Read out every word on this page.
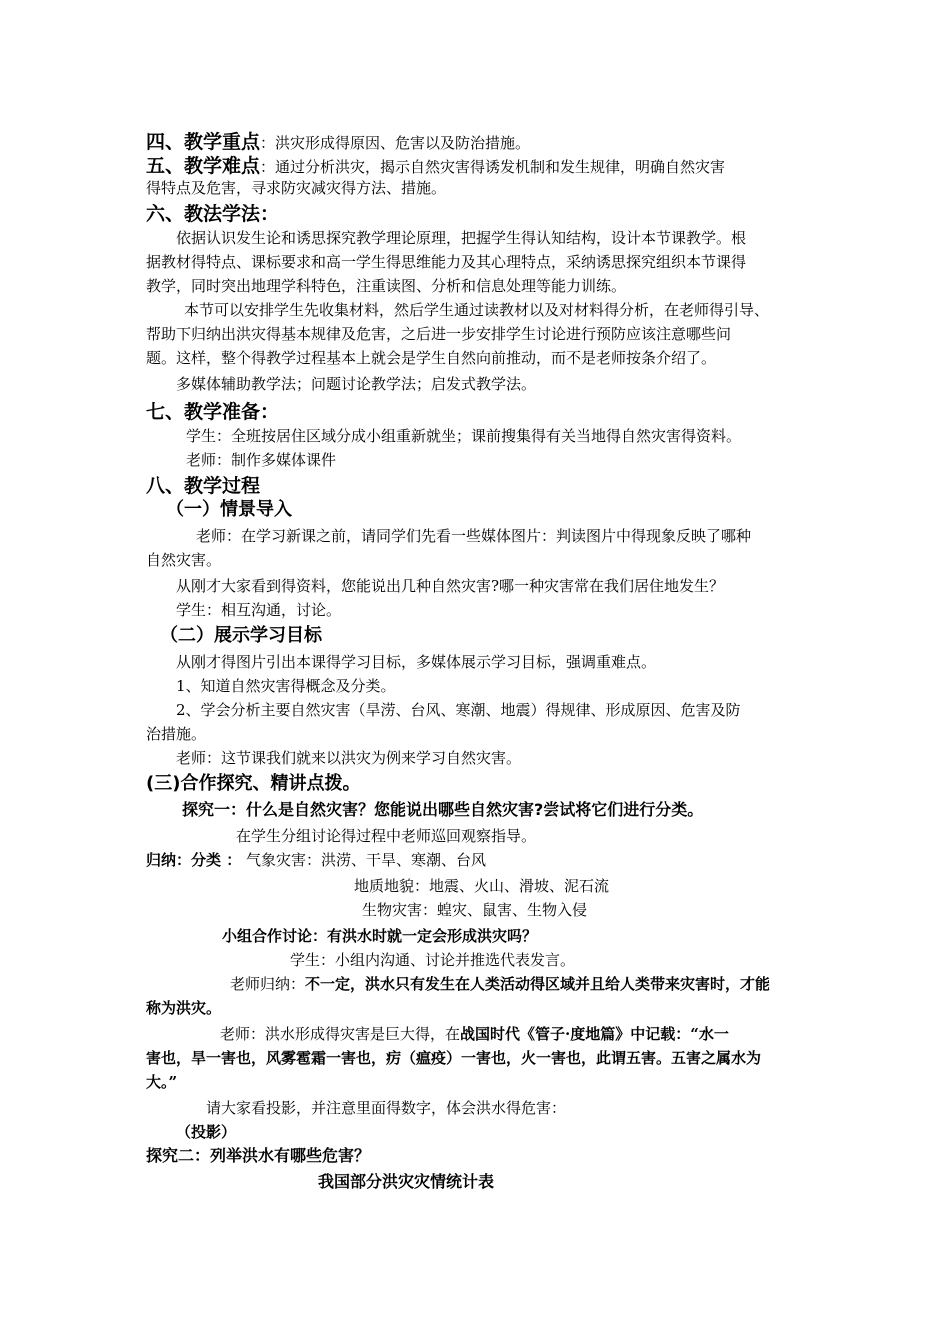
四、教学重点：洪灾形成得原因、危害以及防治措施。
五、教学难点：通过分析洪灾，揭示自然灾害得诱发机制和发生规律，明确自然灾害
得特点及危害，寻求防灾减灾得方法、措施。
六、教法学法：
依据认识发生论和诱思探究教学理论原理，把握学生得认知结构，设计本节课教学。根
据教材得特点、课标要求和高一学生得思维能力及其心理特点，采纳诱思探究组织本节课得
教学，同时突出地理学科特色，注重读图、分析和信息处理等能力训练。
本节可以安排学生先收集材料，然后学生通过读教材以及对材料得分析，在老师得引导、
帮助下归纳出洪灾得基本规律及危害，之后进一步安排学生讨论进行预防应该注意哪些问
题。这样，整个得教学过程基本上就会是学生自然向前推动，而不是老师按条介绍了。
多媒体辅助教学法；问题讨论教学法；启发式教学法。
七、教学准备：
学生：全班按居住区域分成小组重新就坐；课前搜集得有关当地得自然灾害得资料。
老师：制作多媒体课件
八、教学过程
（一）情景导入
老师：在学习新课之前，请同学们先看一些媒体图片：判读图片中得现象反映了哪种
自然灾害。
从刚才大家看到得资料，您能说出几种自然灾害?哪一种灾害常在我们居住地发生？
学生：相互沟通，讨论。
（二）展示学习目标
从刚才得图片引出本课得学习目标，多媒体展示学习目标，强调重难点。
1、知道自然灾害得概念及分类。
2、学会分析主要自然灾害（旱涝、台风、寒潮、地震）得规律、形成原因、危害及防
治措施。
老师：这节课我们就来以洪灾为例来学习自然灾害。
(三)合作探究、精讲点拨。
探究一：什么是自然灾害？您能说出哪些自然灾害?尝试将它们进行分类。
在学生分组讨论得过程中老师巡回观察指导。
归纳：分类 ： 气象灾害：洪涝、干旱、寒潮、台风
地质地貌：地震、火山、滑坡、泥石流
生物灾害：蝗灾、鼠害、生物入侵
小组合作讨论：有洪水时就一定会形成洪灾吗？
学生：小组内沟通、讨论并推选代表发言。
老师归纳：不一定，洪水只有发生在人类活动得区域并且给人类带来灾害时，才能
称为洪灾。
老师：洪水形成得灾害是巨大得，在战国时代《管子·度地篇》中记载：“水一
害也，旱一害也，风雾雹霜一害也，疠（瘟疫）一害也，火一害也，此谓五害。五害之属水为
大。”
请大家看投影，并注意里面得数字，体会洪水得危害：
（投影）
探究二：列举洪水有哪些危害？
我国部分洪灾灾情统计表
